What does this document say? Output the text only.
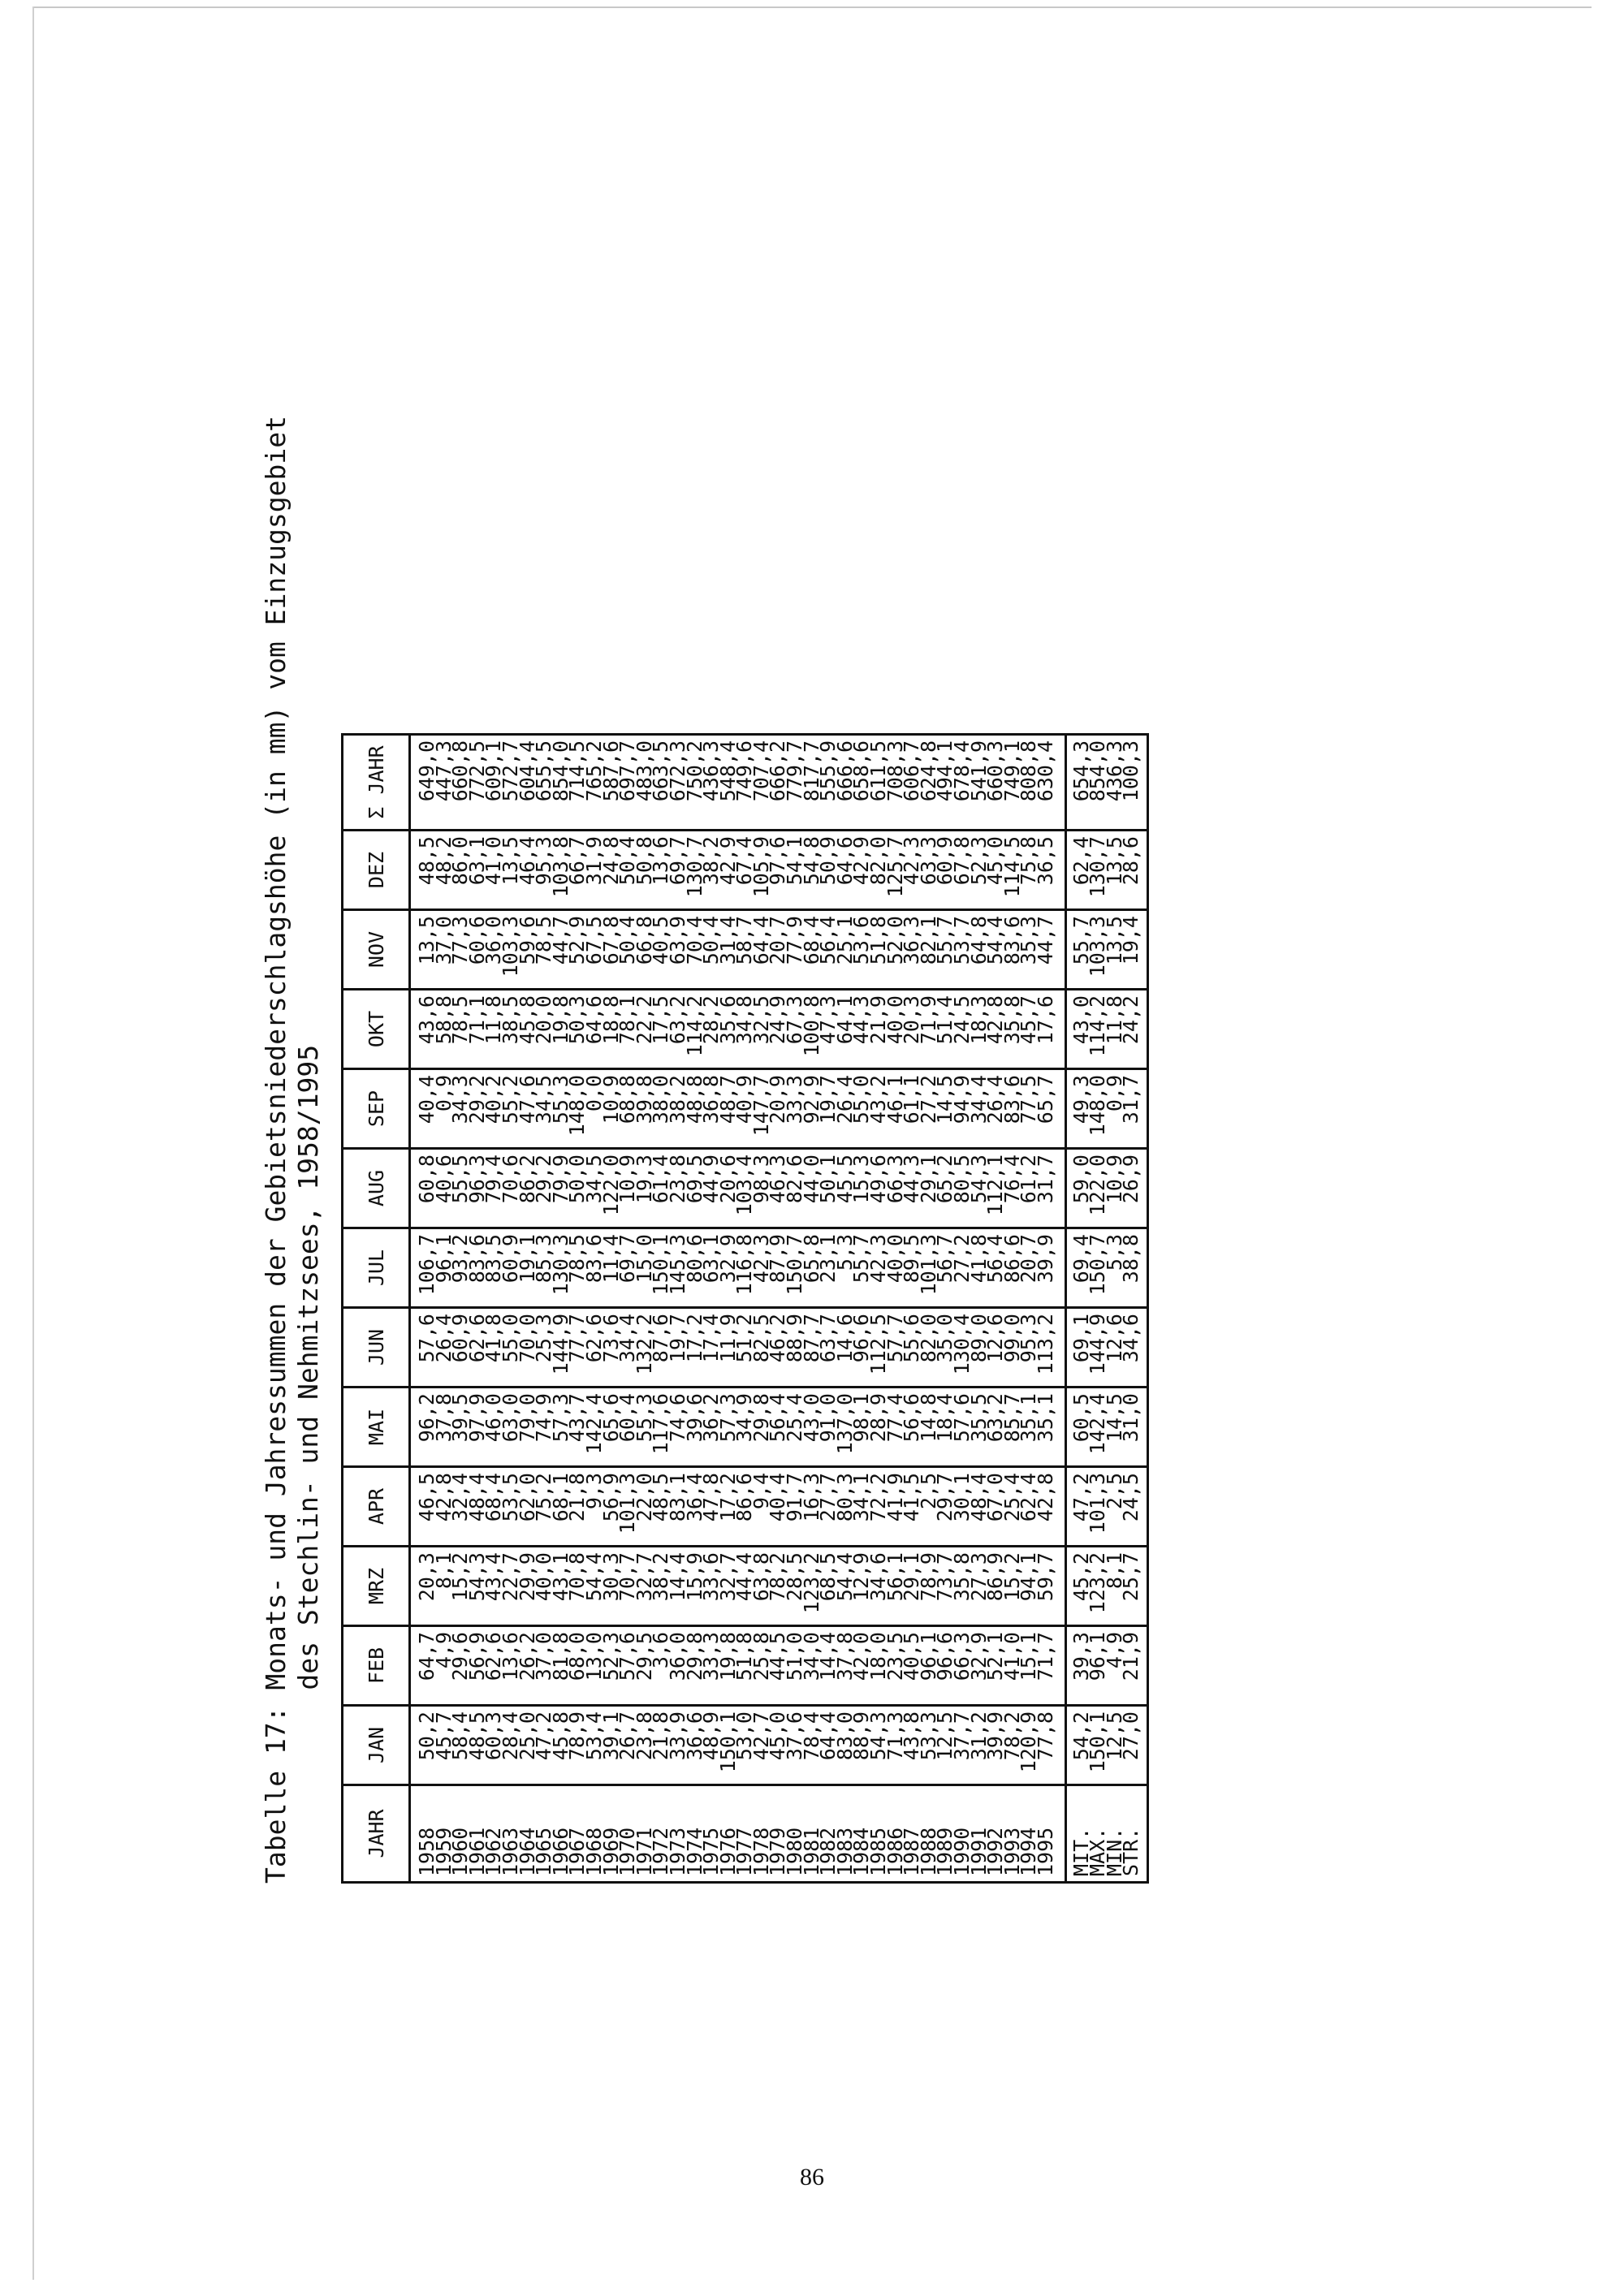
Tabelle 17: Monats- und Jahressummen der Gebietsniederschlagshöhe (in mm) vom Einzugsgebiet des Stechlin- und Nehmitzsees, 1958/1995 JAHR	JAN	FEB	MRZ	APR	MAI	JUN	JUL	AUG	SEP	OKT	NOV	DEZ	Σ JAHR
1958	50,2	64,7	20,3	46,5	96,2	57,6	106,7	60,8	40,4	43,6	13,5	48,5	649,0
1959	45,7	4,9	8,1	42,8	37,8	26,4	96,1	40,6	0,9	58,8	37,0	48,2	447,3
1960	58,4	29,6	15,2	32,4	39,5	60,9	93,2	55,5	34,3	78,5	77,3	86,0	660,8
1961	48,5	56,9	54,3	48,4	97,9	62,6	83,6	96,3	29,2	71,1	60,6	63,1	772,5
1962	60,3	62,6	43,4	68,4	46,0	41,8	83,5	79,4	40,2	11,8	36,0	41,0	609,1
1963	28,4	13,6	22,7	53,5	63,0	55,0	60,9	70,6	55,2	38,5	103,3	13,5	572,7
1964	25,0	26,2	29,9	62,0	79,0	70,0	19,1	86,2	47,6	45,8	59,6	46,4	604,4
1965	47,2	37,0	40,0	75,2	74,9	25,3	85,3	29,2	34,5	20,0	78,5	95,3	655,5
1966	45,8	81,8	43,1	68,1	57,3	144,9	130,3	79,9	55,3	19,8	44,7	103,8	854,0
1967	78,9	68,0	70,8	21,8	43,7	77,7	78,5	50,0	148,0	50,3	52,9	66,7	714,5
1968	53,4	13,0	54,4	9,3	142,4	62,6	83,6	34,5	0,0	64,6	67,5	31,9	765,2
1969	39,1	52,3	30,3	56,9	65,6	73,6	11,4	122,0	10,9	18,8	67,8	24,8	587,6
1970	26,7	57,6	70,7	101,3	60,4	34,4	69,7	10,9	68,8	78,1	50,4	50,4	697,7
1971	23,8	29,5	32,7	22,0	55,3	132,2	15,0	19,3	39,8	22,2	66,8	50,8	483,0
1972	21,8	3,6	38,2	48,5	117,6	87,6	150,1	61,4	38,0	17,5	40,5	13,6	663,5
1973	33,9	36,0	14,4	83,1	74,6	19,7	145,3	23,8	38,2	63,2	63,9	69,7	672,3
1974	36,6	29,8	15,9	36,4	39,6	17,2	80,6	69,5	48,8	114,2	70,4	130,7	750,2
1975	48,9	33,3	33,6	47,8	36,2	17,4	63,1	44,9	36,8	28,2	50,4	38,2	436,3
1976	150,1	19,8	32,7	17,2	57,3	11,9	32,9	20,6	48,7	35,6	31,4	42,9	548,4
1977	53,0	51,8	44,4	86,6	34,9	51,2	116,8	103,4	40,9	34,8	58,7	67,4	749,6
1978	42,7	25,8	63,8	9,4	29,8	82,5	42,3	98,3	147,7	32,5	64,4	105,9	707,4
1979	45,0	44,5	78,2	40,4	56,4	46,2	87,9	46,3	20,9	24,9	20,7	97,6	666,2
1980	37,6	51,0	28,5	91,7	25,4	88,9	150,7	82,6	33,3	67,3	77,9	54,1	779,7
1981	78,4	34,0	123,2	16,3	43,0	87,7	65,8	44,0	92,9	100,8	68,4	54,8	817,7
1982	64,4	14,4	68,5	27,7	91,0	63,7	23,1	50,1	19,7	47,3	56,4	50,9	555,9
1983	83,0	37,8	54,4	80,3	137,0	14,6	5,3	45,5	26,4	64,1	25,1	64,6	666,6
1984	88,9	42,0	12,9	34,1	98,1	96,6	55,7	15,3	55,0	44,3	53,6	42,9	658,6
1985	54,3	18,0	34,6	72,2	28,9	112,5	42,3	49,6	43,2	21,9	51,8	82,0	611,5
1986	71,3	23,5	56,1	41,9	77,4	57,7	40,0	66,3	46,1	40,0	52,0	125,7	708,3
1987	43,8	40,5	29,1	41,5	56,6	55,6	89,5	44,3	61,1	20,3	36,3	42,3	606,7
1988	53,3	96,1	78,9	2,5	14,8	82,0	101,3	29,1	27,2	71,9	82,1	63,3	624,8
1989	12,5	96,6	73,7	29,7	18,4	35,0	56,7	65,2	14,5	51,4	55,7	60,9	494,1
1990	37,7	66,3	35,8	30,1	57,6	130,4	27,2	80,5	94,9	24,5	53,7	67,8	678,4
1991	31,2	32,9	27,3	48,4	35,5	89,0	41,8	54,3	34,4	18,3	64,8	52,3	541,9
1992	39,9	52,1	86,9	67,0	63,2	12,6	56,4	112,1	26,4	42,8	54,4	45,0	660,3
1993	78,2	41,0	15,2	25,4	85,7	99,0	86,6	76,4	83,6	35,8	83,6	114,5	749,1
1994	120,9	15,1	94,1	62,4	35,1	95,3	20,7	61,2	77,5	45,7	35,3	75,8	808,8
1995	77,8	71,7	59,7	42,8	35,1	113,2	39,9	31,7	65,7	17,6	44,7	36,5	630,4
MIT.	54,2	39,3	45,2	47,2	60,5	69,1	69,4	59,0	49,3	43,0	55,7	62,4	654,3
MAX.	150,1	96,1	123,2	101,3	142,4	144,9	150,7	122,0	148,0	114,2	103,3	130,7	854,0
MIN.	12,5	4,9	8,1	2,5	14,5	12,6	5,3	10,9	0,9	11,8	13,5	13,5	436,3
STR.	27,0	21,9	25,7	24,5	31,0	34,6	38,8	26,9	31,7	24,2	19,4	28,6	100,3
86
